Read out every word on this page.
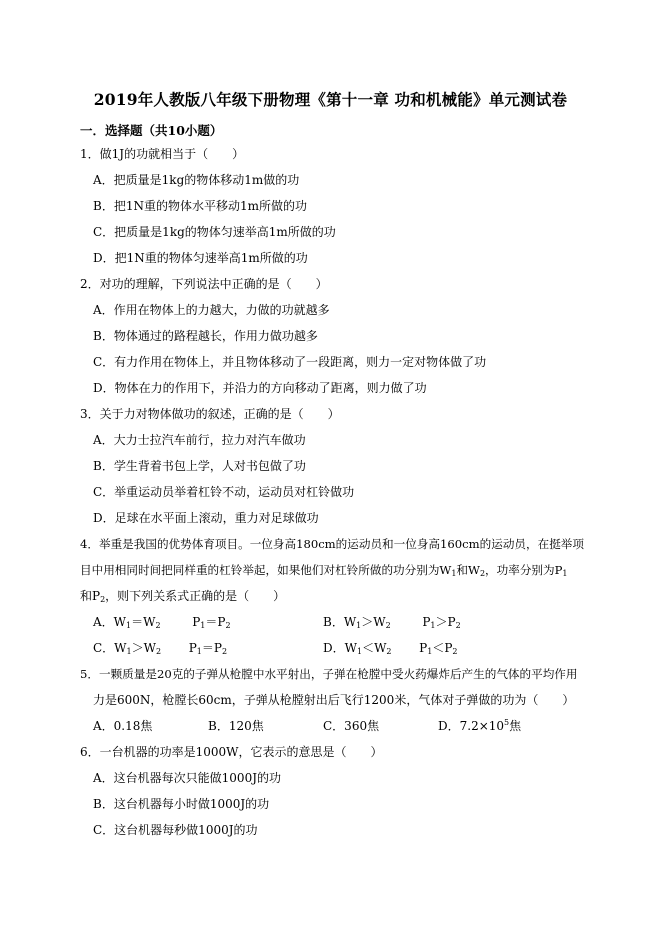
2019年人教版八年级下册物理《第十一章 功和机械能》单元测试卷
一．选择题（共10小题）
1．做1J的功就相当于（　　）
A．把质量是1kg的物体移动1m做的功
B．把1N重的物体水平移动1m所做的功
C．把质量是1kg的物体匀速举高1m所做的功
D．把1N重的物体匀速举高1m所做的功
2．对功的理解，下列说法中正确的是（　　）
A．作用在物体上的力越大，力做的功就越多
B．物体通过的路程越长，作用力做功越多
C．有力作用在物体上，并且物体移动了一段距离，则力一定对物体做了功
D．物体在力的作用下，并沿力的方向移动了距离，则力做了功
3．关于力对物体做功的叙述，正确的是（　　）
A．大力士拉汽车前行，拉力对汽车做功
B．学生背着书包上学，人对书包做了功
C．举重运动员举着杠铃不动，运动员对杠铃做功
D．足球在水平面上滚动，重力对足球做功
4．举重是我国的优势体育项目。一位身高180cm的运动员和一位身高160cm的运动员，在挺举项
目中用相同时间把同样重的杠铃举起，如果他们对杠铃所做的功分别为$W_1$和$W_2$，功率分别为$P_1$
和$P_2$，则下列关系式正确的是（　　）
A．$W_1=W_2$	$P_1=P_2$	B．$W_1>W_2$	$P_1>P_2$
C．$W_1>W_2$ $P_1=P_2$	D．$W_1<W_2$ $P_1<P_2$
5．一颗质量是20克的子弹从枪膛中水平射出，子弹在枪膛中受火药爆炸后产生的气体的平均作用
力是600N，枪膛长60cm，子弹从枪膛射出后飞行1200米，气体对子弹做的功为（　　）
A．0.18焦	B．120焦	C．360焦	D．$7.2\times 10^5$焦
6．一台机器的功率是1000W，它表示的意思是（　　）
A．这台机器每次只能做1000J的功
B．这台机器每小时做1000J的功
C．这台机器每秒做1000J的功
